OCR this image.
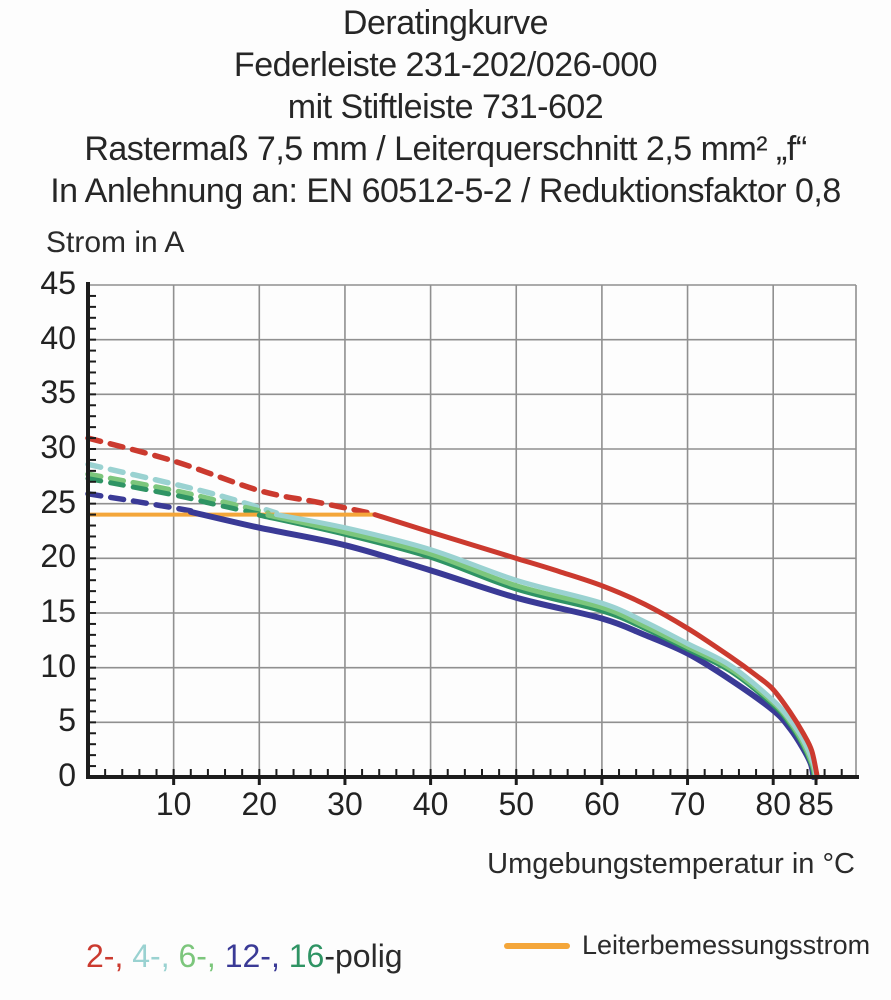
Deratingkurve
Federleiste 231-202/026-000
mit Stiftleiste 731-602
Rastermaß 7,5 mm / Leiterquerschnitt 2,5 mm² „f“
In Anlehnung an: EN 60512-5-2 / Reduktionsfaktor 0,8
Strom in A
Umgebungstemperatur in °C
10 20 30 40 50 60 70 80 85
0
5
10
15
20
25
30
35
40
45
2-, 4-, 6-, 12-, 16-polig	Leiterbemessungsstrom
